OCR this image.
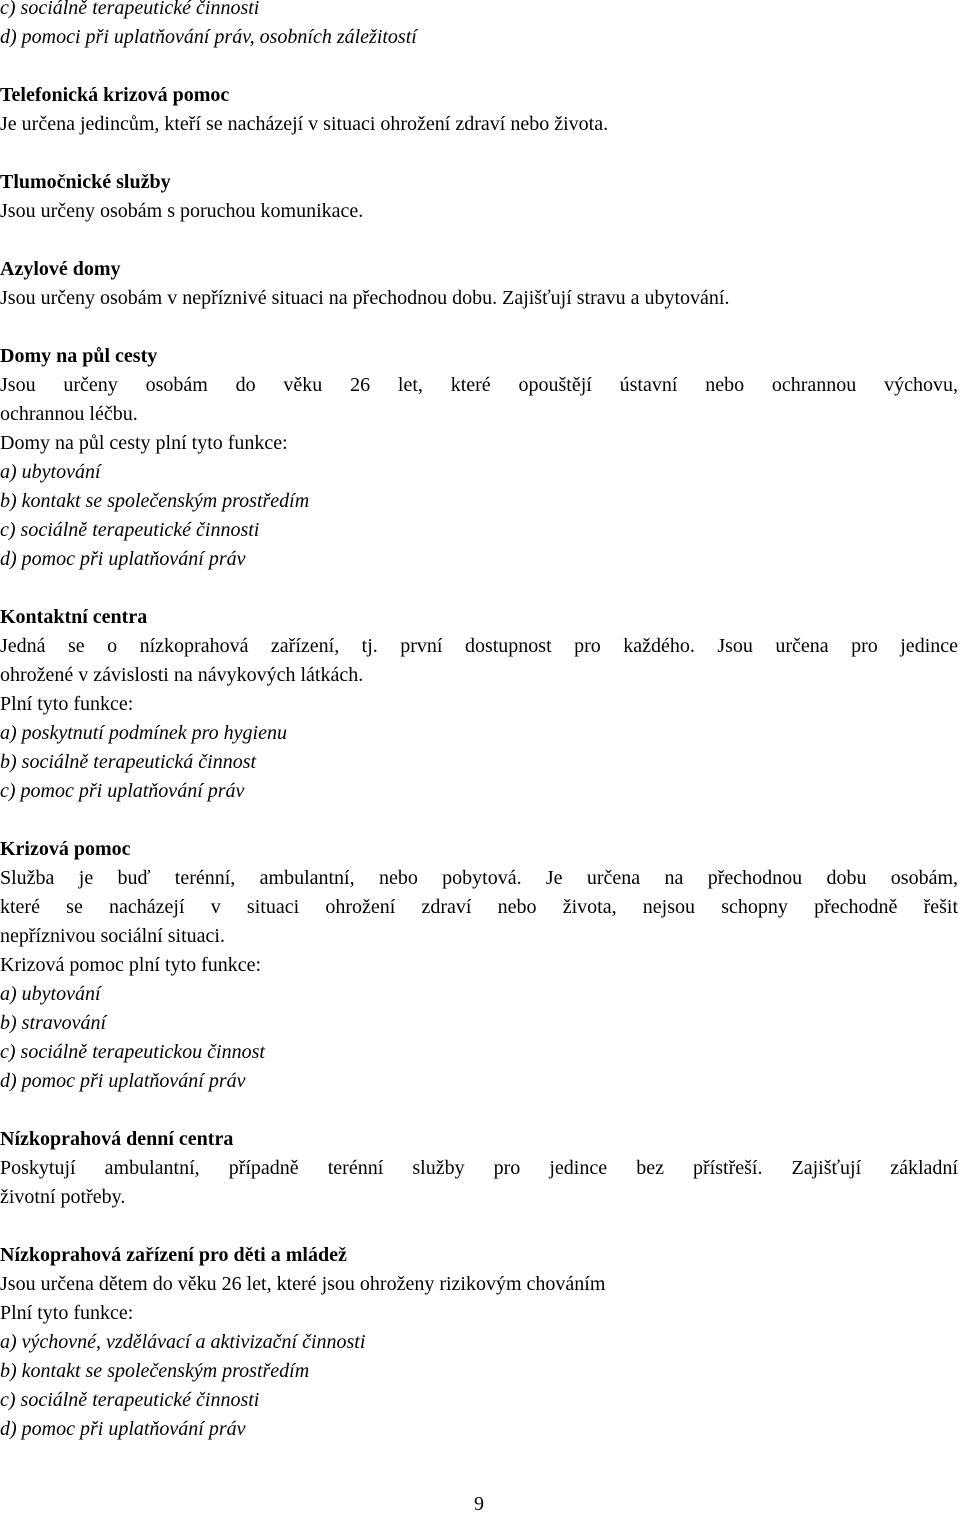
c) sociálně terapeutické činnosti
d) pomoci při uplatňování práv, osobních záležitostí
Telefonická krizová pomoc
Je určena jedincům, kteří se nacházejí v situaci ohrožení zdraví nebo života.
Tlumočnické služby
Jsou určeny osobám s poruchou komunikace.
Azylové domy
Jsou určeny osobám v nepříznivé situaci na přechodnou dobu. Zajišťují stravu a ubytování.
Domy na půl cesty
Jsou určeny osobám do věku 26 let, které opouštějí ústavní nebo ochrannou výchovu,
ochrannou léčbu.
Domy na půl cesty plní tyto funkce:
a) ubytování
b) kontakt se společenským prostředím
c) sociálně terapeutické činnosti
d) pomoc při uplatňování práv
Kontaktní centra
Jedná se o nízkoprahová zařízení, tj. první dostupnost pro každého. Jsou určena pro jedince
ohrožené v závislosti na návykových látkách.
Plní tyto funkce:
a) poskytnutí podmínek pro hygienu
b) sociálně terapeutická činnost
c) pomoc při uplatňování práv
Krizová pomoc
Služba je buď terénní, ambulantní, nebo pobytová. Je určena na přechodnou dobu osobám,
které se nacházejí v situaci ohrožení zdraví nebo života, nejsou schopny přechodně řešit
nepříznivou sociální situaci.
Krizová pomoc plní tyto funkce:
a) ubytování
b) stravování
c) sociálně terapeutickou činnost
d) pomoc při uplatňování práv
Nízkoprahová denní centra
Poskytují ambulantní, případně terénní služby pro jedince bez přístřeší. Zajišťují základní
životní potřeby.
Nízkoprahová zařízení pro děti a mládež
Jsou určena dětem do věku 26 let, které jsou ohroženy rizikovým chováním
Plní tyto funkce:
a) výchovné, vzdělávací a aktivizační činnosti
b) kontakt se společenským prostředím
c) sociálně terapeutické činnosti
d) pomoc při uplatňování práv
9
